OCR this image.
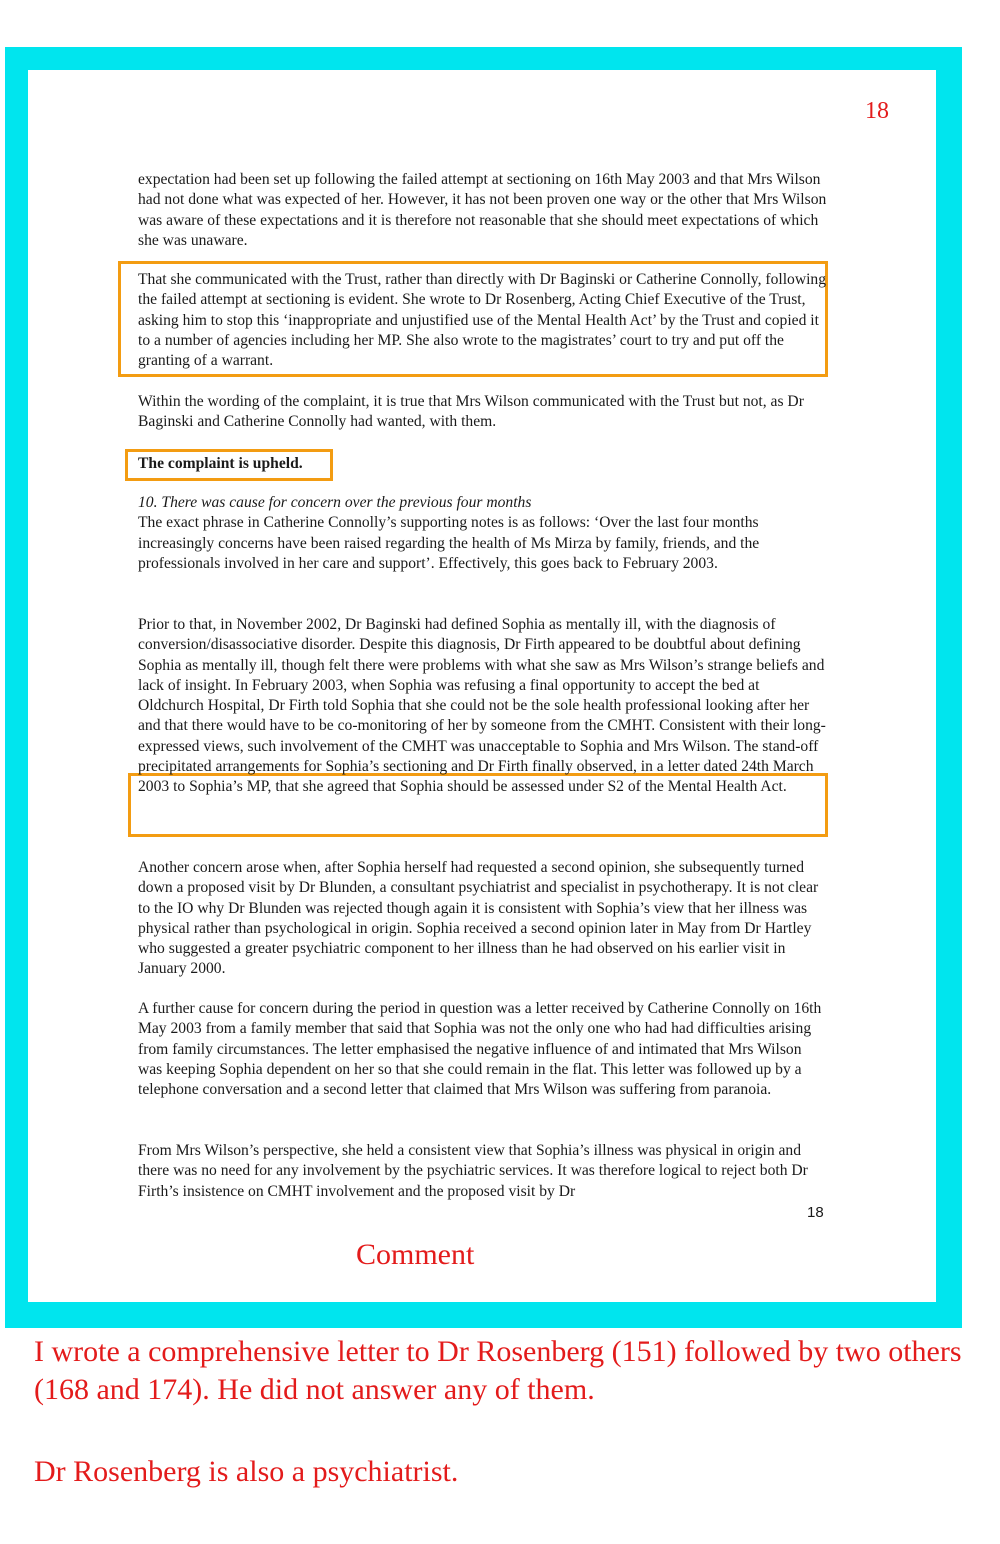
18

expectation had been set up following the failed attempt at sectioning on 16th May 2003 and that Mrs Wilson had not done what was expected of her. However, it has not been proven one way or the other that Mrs Wilson was aware of these expectations and it is therefore not reasonable that she should meet expectations of which she was unaware.

That she communicated with the Trust, rather than directly with Dr Baginski or Catherine Connolly, following the failed attempt at sectioning is evident. She wrote to Dr Rosenberg, Acting Chief Executive of the Trust, asking him to stop this ‘inappropriate and unjustified use of the Mental Health Act’ by the Trust and copied it to a number of agencies including her MP. She also wrote to the magistrates’ court to try and put off the granting of a warrant.

Within the wording of the complaint, it is true that Mrs Wilson communicated with the Trust but not, as Dr Baginski and Catherine Connolly had wanted, with them.

The complaint is upheld.

10. There was cause for concern over the previous four months

The exact phrase in Catherine Connolly’s supporting notes is as follows: ‘Over the last four months increasingly concerns have been raised regarding the health of Ms Mirza by family, friends, and the professionals involved in her care and support’. Effectively, this goes back to February 2003.

Prior to that, in November 2002, Dr Baginski had defined Sophia as mentally ill, with the diagnosis of conversion/disassociative disorder. Despite this diagnosis, Dr Firth appeared to be doubtful about defining Sophia as mentally ill, though felt there were problems with what she saw as Mrs Wilson’s strange beliefs and lack of insight. In February 2003, when Sophia was refusing a final opportunity to accept the bed at Oldchurch Hospital, Dr Firth told Sophia that she could not be the sole health professional looking after her and that there would have to be co-monitoring of her by someone from the CMHT. Consistent with their long-expressed views, such involvement of the CMHT was unacceptable to Sophia and Mrs Wilson. The stand-off precipitated arrangements for Sophia’s sectioning and Dr Firth finally observed, in a letter dated 24th March 2003 to Sophia’s MP, that she agreed that Sophia should be assessed under S2 of the Mental Health Act.

Another concern arose when, after Sophia herself had requested a second opinion, she subsequently turned down a proposed visit by Dr Blunden, a consultant psychiatrist and specialist in psychotherapy. It is not clear to the IO why Dr Blunden was rejected though again it is consistent with Sophia’s view that her illness was physical rather than psychological in origin. Sophia received a second opinion later in May from Dr Hartley who suggested a greater psychiatric component to her illness than he had observed on his earlier visit in January 2000.

A further cause for concern during the period in question was a letter received by Catherine Connolly on 16th May 2003 from a family member that said that Sophia was not the only one who had had difficulties arising from family circumstances. The letter emphasised the negative influence of and intimated that Mrs Wilson was keeping Sophia dependent on her so that she could remain in the flat. This letter was followed up by a telephone conversation and a second letter that claimed that Mrs Wilson was suffering from paranoia.

From Mrs Wilson’s perspective, she held a consistent view that Sophia’s illness was physical in origin and there was no need for any involvement by the psychiatric services. It was therefore logical to reject both Dr Firth’s insistence on CMHT involvement and the proposed visit by Dr

18
Comment

I wrote a comprehensive letter to Dr Rosenberg (151) followed by two others (168 and 174). He did not answer any of them.

Dr Rosenberg is also a psychiatrist.
